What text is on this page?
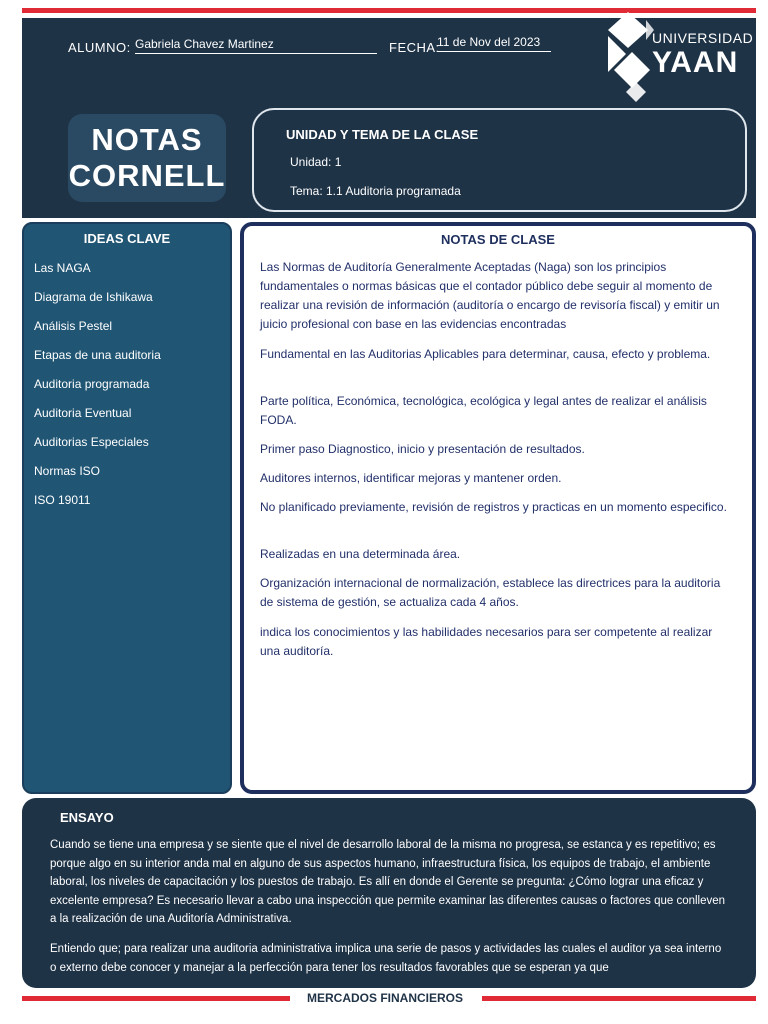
ALUMNO: Gabriela Chavez Martinez	FECHA:
11 de Nov del 2023	UNIVERSIDAD
YAAN
NOTAS
CORNELL
UNIDAD Y TEMA DE LA CLASE
Unidad: 1
Tema: 1.1 Auditoria programada
IDEAS CLAVE
Las NAGA
Diagrama de Ishikawa
Análisis Pestel
Etapas de una auditoria
Auditoria programada
Auditoria Eventual
Auditorias Especiales
Normas ISO
ISO 19011
NOTAS DE CLASE
Las Normas de Auditoría Generalmente Aceptadas (Naga) son los principios fundamentales o normas básicas que el contador público debe seguir al momento de realizar una revisión de información (auditoría o encargo de revisoría fiscal) y emitir un juicio profesional con base en las evidencias encontradas
Fundamental en las Auditorias Aplicables para determinar, causa, efecto y problema.
Parte política, Económica, tecnológica, ecológica y legal antes de realizar el análisis FODA.
Primer paso Diagnostico, inicio y presentación de resultados.
Auditores internos, identificar mejoras y mantener orden.
No planificado previamente, revisión de registros y practicas en un momento especifico.
Realizadas en una determinada área.
Organización internacional de normalización, establece las directrices para la auditoria de sistema de gestión, se actualiza cada 4 años.
indica los conocimientos y las habilidades necesarios para ser competente al realizar una auditoría.
ENSAYO
Cuando se tiene una empresa y se siente que el nivel de desarrollo laboral de la misma no progresa, se estanca y es repetitivo; es porque algo en su interior anda mal en alguno de sus aspectos humano, infraestructura física, los equipos de trabajo, el ambiente laboral, los niveles de capacitación y los puestos de trabajo. Es allí en donde el Gerente se pregunta: ¿Cómo lograr una eficaz y excelente empresa? Es necesario llevar a cabo una inspección que permite examinar las diferentes causas o factores que conlleven a la realización de una Auditoría Administrativa.
Entiendo que; para realizar una auditoria administrativa implica una serie de pasos y actividades las cuales el auditor ya sea interno o externo debe conocer y manejar a la perfección para tener los resultados favorables que se esperan ya que
MERCADOS FINANCIEROS
